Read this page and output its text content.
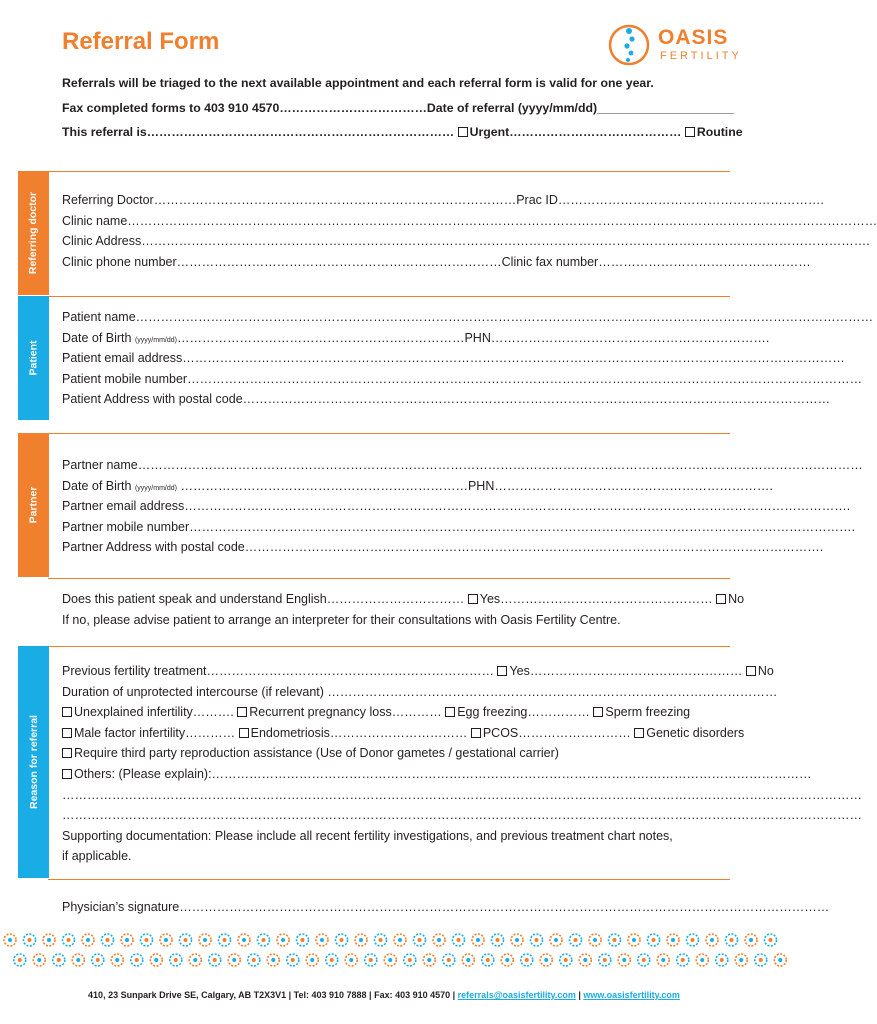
Referral Form	OASIS
FERTILITY
Referrals will be triaged to the next available appointment and each referral form is valid for one year.
Fax completed forms to 403 910 4570………………………………Date of referral (yyyy/mm/dd)____________________
This referral is………………………………………………………………… Urgent…………………………………… Routine
Referring doctor Referring Doctor……………………………………………………………………………Prac ID……………………………………………………….
Clinic name………………………………………………………………………………………………………………………………………………………………
Clinic Address………………………………………………………………………………………………………………………………………………………….
Clinic phone number……………………………………………………………………Clinic fax number……………………………………………
Patient
Patient name……………………………………………………………………………………………………………………………………………………………
Date of Birth (yyyy/mm/dd)……………………………………………………………PHN………………………………………………………….
Patient email address……………………………………………………………………………………………………………………………………………
Patient mobile number………………………………………………………………………………………………………………………………………………
Patient Address with postal code……………………………………………………………………………………………………………………………
Partner
Partner name…………………………………………………………………………………………………………………………………………………………
Date of Birth (yyyy/mm/dd) ……………………………………………………………PHN………………………………………………………….
Partner email address…………………………………………………………………………………………………………………………………………….
Partner mobile number…………………………………………………………………………………………………………………………………………….
Partner Address with postal code………………………………………………………………………………………………………………………….
Does this patient speak and understand English…………………………… Yes…………………………………………… No
If no, please advise patient to arrange an interpreter for their consultations with Oasis Fertility Centre.
Reason for referral
Previous fertility treatment…………………………………………………………… Yes…………………………………………… No
Duration of unprotected intercourse (if relevant) ………………………………………………………………………………………………
Unexplained infertility………. Recurrent pregnancy loss………… Egg freezing…………… Sperm freezing
Male factor infertility………… Endometriosis…………………………… PCOS……………………… Genetic disorders
Require third party reproduction assistance (Use of Donor gametes / gestational carrier)
Others: (Please explain):………………………………………………………………………………………………………………………………
…………………………………………………………………………………………………………………………………………………………………………
…………………………………………………………………………………………………………………………………………………………………………
Supporting documentation: Please include all recent fertility investigations, and previous treatment chart notes,
if applicable.
Physician’s signature…………………………………………………………………………………………………………………………………………
410, 23 Sunpark Drive SE, Calgary, AB T2X3V1 | Tel: 403 910 7888 | Fax: 403 910 4570 | referrals@oasisfertility.com | www.oasisfertility.com
